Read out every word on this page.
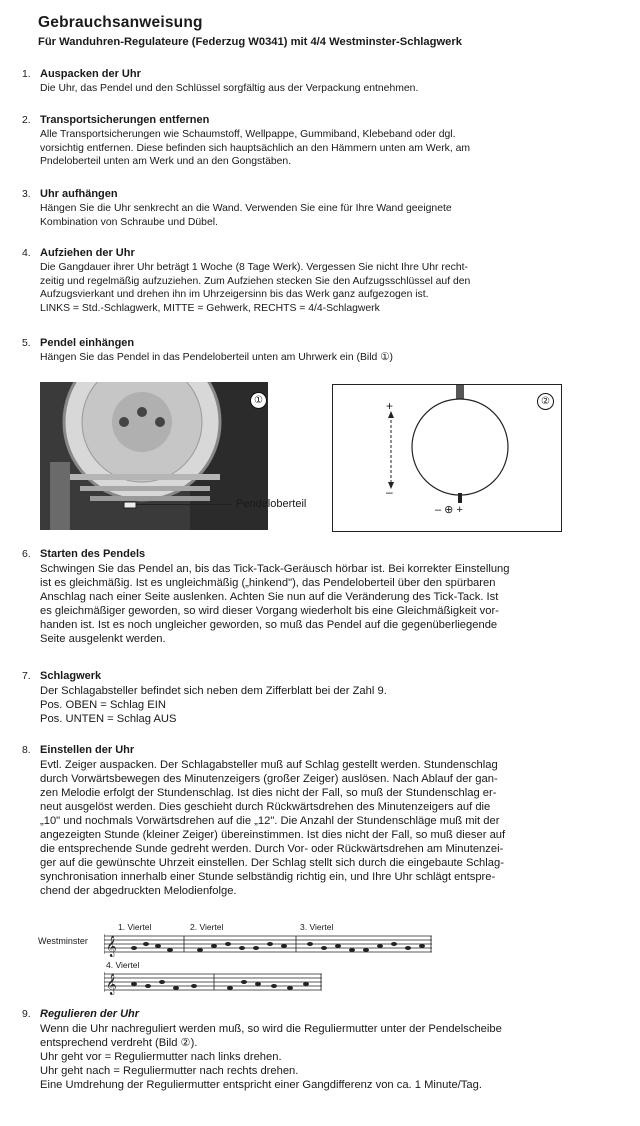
Gebrauchsanweisung
Für Wanduhren-Regulateure (Federzug W0341) mit 4/4 Westminster-Schlagwerk
1. Auspacken der Uhr
Die Uhr, das Pendel und den Schlüssel sorgfältig aus der Verpackung entnehmen.
2. Transportsicherungen entfernen
Alle Transportsicherungen wie Schaumstoff, Wellpappe, Gummiband, Klebeband oder dgl.
vorsichtig entfernen. Diese befinden sich hauptsächlich an den Hämmern unten am Werk, am
Pndeloberteil unten am Werk und an den Gongstäben.
3. Uhr aufhängen
Hängen Sie die Uhr senkrecht an die Wand. Verwenden Sie eine für Ihre Wand geeignete
Kombination von Schraube und Dübel.
4. Aufziehen der Uhr
Die Gangdauer ihrer Uhr beträgt 1 Woche (8 Tage Werk). Vergessen Sie nicht Ihre Uhr recht-
zeitig und regelmäßig aufzuziehen. Zum Aufziehen stecken Sie den Aufzugsschlüssel auf den
Aufzugsvierkant und drehen ihn im Uhrzeigersinn bis das Werk ganz aufgezogen ist.
LINKS = Std.-Schlagwerk, MITTE = Gehwerk, RECHTS = 4/4-Schlagwerk
5. Pendel einhängen
Hängen Sie das Pendel in das Pendeloberteil unten am Uhrwerk ein (Bild ①)
①
Pendeloberteil
+
–
– ⊕ +
②
6. Starten des Pendels
Schwingen Sie das Pendel an, bis das Tick-Tack-Geräusch hörbar ist. Bei korrekter Einstellung
ist es gleichmäßig. Ist es ungleichmäßig („hinkend"), das Pendeloberteil über den spürbaren
Anschlag nach einer Seite auslenken. Achten Sie nun auf die Veränderung des Tick-Tack. Ist
es gleichmäßiger geworden, so wird dieser Vorgang wiederholt bis eine Gleichmäßigkeit vor-
handen ist. Ist es noch ungleicher geworden, so muß das Pendel auf die gegenüberliegende
Seite ausgelenkt werden.
7. Schlagwerk
Der Schlagabsteller befindet sich neben dem Zifferblatt bei der Zahl 9.
Pos. OBEN = Schlag EIN
Pos. UNTEN = Schlag AUS
8. Einstellen der Uhr
Evtl. Zeiger auspacken. Der Schlagabsteller muß auf Schlag gestellt werden. Stundenschlag
durch Vorwärtsbewegen des Minutenzeigers (großer Zeiger) auslösen. Nach Ablauf der gan-
zen Melodie erfolgt der Stundenschlag. Ist dies nicht der Fall, so muß der Stundenschlag er-
neut ausgelöst werden. Dies geschieht durch Rückwärtsdrehen des Minutenzeigers auf die
„10" und nochmals Vorwärtsdrehen auf die „12". Die Anzahl der Stundenschläge muß mit der
angezeigten Stunde (kleiner Zeiger) übereinstimmen. Ist dies nicht der Fall, so muß dieser auf
die entsprechende Sunde gedreht werden. Durch Vor- oder Rückwärtsdrehen am Minutenzei-
ger auf die gewünschte Uhrzeit einstellen. Der Schlag stellt sich durch die eingebaute Schlag-
synchronisation innerhalb einer Stunde selbständig richtig ein, und Ihre Uhr schlägt entspre-
chend der abgedruckten Melodienfolge.
Westminster
1. Viertel	2. Viertel	3. Viertel
4. Viertel
𝄞
𝄞
9. Regulieren der Uhr
Wenn die Uhr nachreguliert werden muß, so wird die Reguliermutter unter der Pendelscheibe
entsprechend verdreht (Bild ②).
Uhr geht vor = Reguliermutter nach links drehen.
Uhr geht nach = Reguliermutter nach rechts drehen.
Eine Umdrehung der Reguliermutter entspricht einer Gangdifferenz von ca. 1 Minute/Tag.
